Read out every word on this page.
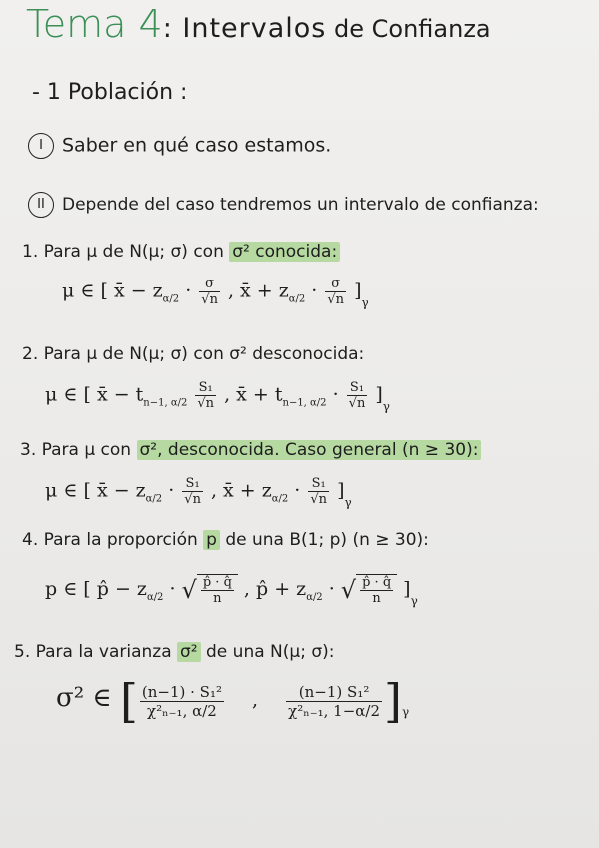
Tema 4: Intervalos de Confianza
- 1 Población :
I Saber en qué caso estamos.
II Depende del caso tendremos un intervalo de confianza:
1. Para μ de N(μ; σ) con σ² conocida:
μ ∈ [ x̄ − $z_{\alpha/2} \cdot \frac{\sigma}{√n}$ , x̄ + $z_{\alpha/2} \cdot \frac{\sigma}{√n} ]_\gamma$
2. Para μ de N(μ; σ) con σ² desconocida:
μ ∈ [ x̄ − $t_{n-1, \alpha/2} \frac{\text{S₁}}{√n}$ , x̄ + $t_{n-1, \alpha/2} \cdot \frac{\text{S₁}}{√n} ]_\gamma$
3. Para μ con σ², desconocida. Caso general (n ≥ 30):
μ ∈ [ x̄ − $z_{\alpha/2} \cdot \frac{\text{S₁}}{√n}$ , x̄ + $z_{\alpha/2} \cdot \frac{\text{S₁}}{√n} ]_\gamma$
4. Para la proporción p de una B(1; p) (n ≥ 30):
p ∈ [ p̂ − $z_{\alpha/2}$ · √ $\frac{p̂ \cdot q̂}{n}$ , p̂ + $z_{\alpha/2}$ · √ $\frac{p̂ \cdot q̂}{n} ]_\gamma$
5. Para la varianza σ² de una N(μ; σ):
σ² ∈ [ $\frac{\text{(n−1) · S₁²}}{\text{χ²ₙ₋₁, α/2}}$ , $\frac{\text{(n−1) S₁²}}{\text{χ²ₙ₋₁, 1−α/2}} ]_\gamma$
